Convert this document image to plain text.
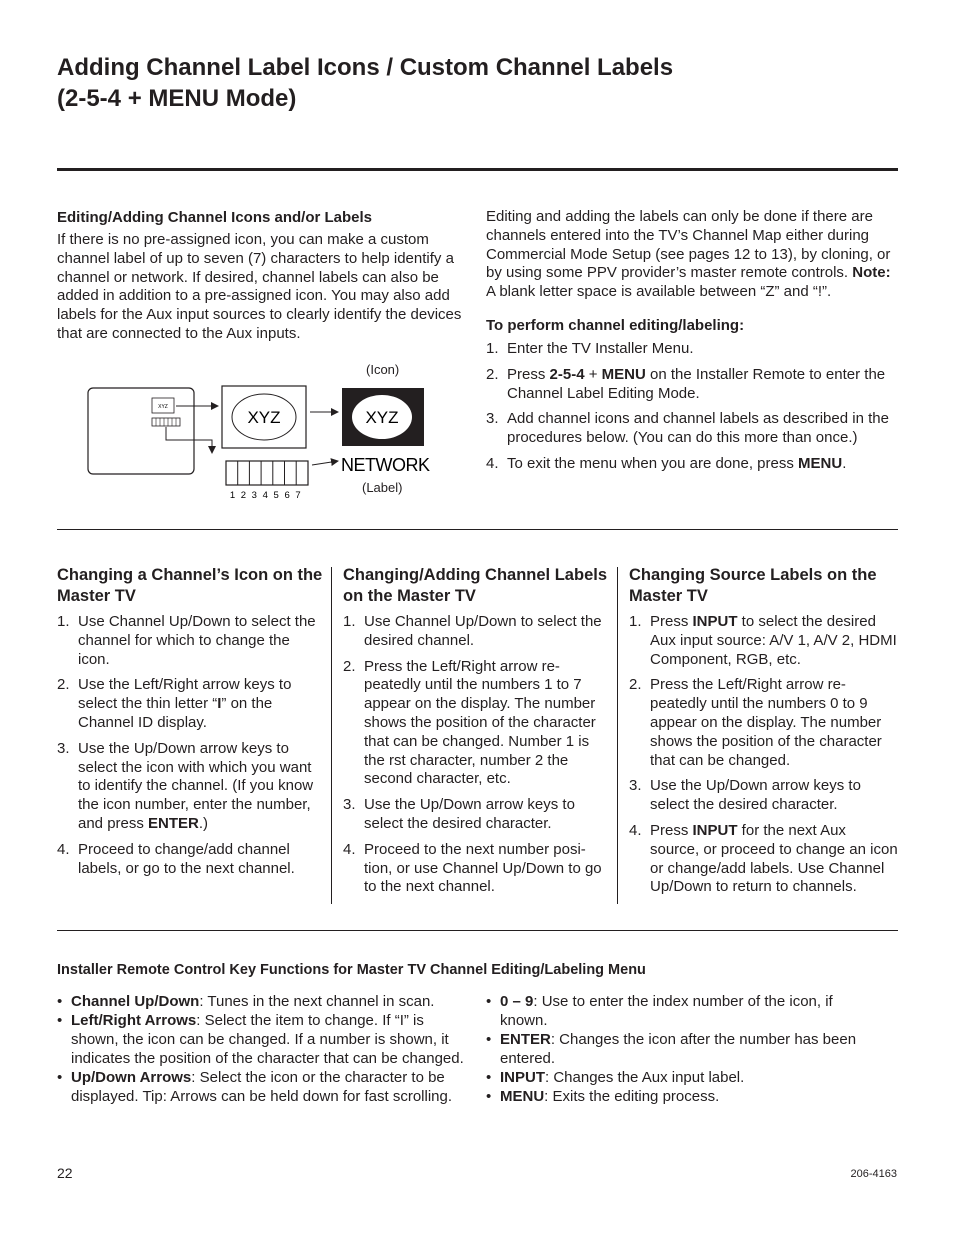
Adding Channel Label Icons / Custom Channel Labels
(2-5-4 + MENU Mode)

Editing/Adding Channel Icons and/or Labels

If there is no pre-assigned icon, you can make a custom channel label of up to seven (7) characters to help identify a channel or network. If desired, channel labels can also be added in addition to a pre-assigned icon. You may also add labels for the Aux input sources to clearly identify the devices that are connected to the Aux inputs.

XYZ
XYZ	XYZ
1 2 3 4 5 6 7
NETWORK
(Icon)
(Label)

Editing and adding the labels can only be done if there are channels entered into the TV’s Channel Map either during Commercial Mode Setup (see pages 12 to 13), by cloning, or by using some PPV provider’s master remote controls. Note: A blank letter space is available between “Z” and “!”.

To perform channel editing/labeling:

1. Enter the TV Installer Menu.
2. Press 2-5-4 + MENU on the Installer Remote to enter the Channel Label Editing Mode.
3. Add channel icons and channel labels as described in the procedures below. (You can do this more than once.)
4. To exit the menu when you are done, press MENU.

Changing a Channel’s Icon on the Master TV

1. Use Channel Up/Down to select the channel for which to change the icon.
2. Use the Left/Right arrow keys to select the thin letter “I” on the Channel ID display.
3. Use the Up/Down arrow keys to select the icon with which you want to identify the channel. (If you know the icon number, enter the number, and press ENTER.)
4. Proceed to change/add channel labels, or go to the next channel.

Changing/Adding Channel Labels on the Master TV

1. Use Channel Up/Down to select the desired channel.
2. Press the Left/Right arrow re-peatedly until the numbers 1 to 7 appear on the display. The number shows the position of the character that can be changed. Number 1 is the rst character, number 2 the second character, etc.
3. Use the Up/Down arrow keys to select the desired character.
4. Proceed to the next number posi-tion, or use Channel Up/Down to go to the next channel.

Changing Source Labels on the Master TV

1. Press INPUT to select the desired Aux input source: A/V 1, A/V 2, HDMI Component, RGB, etc.
2. Press the Left/Right arrow re-peatedly until the numbers 0 to 9 appear on the display. The number shows the position of the character that can be changed.
3. Use the Up/Down arrow keys to select the desired character.
4. Press INPUT for the next Aux source, or proceed to change an icon or change/add labels. Use Channel Up/Down to return to channels.
Installer Remote Control Key Functions for Master TV Channel Editing/Labeling Menu
• Channel Up/Down: Tunes in the next channel in scan.
• Left/Right Arrows: Select the item to change. If “I” is shown, the icon can be changed. If a number is shown, it indicates the position of the character that can be changed.
• Up/Down Arrows: Select the icon or the character to be displayed. Tip: Arrows can be held down for fast scrolling.
• 0 – 9: Use to enter the index number of the icon, if known.
• ENTER: Changes the icon after the number has been entered.
• INPUT: Changes the Aux input label.
• MENU: Exits the editing process.
22	206-4163
